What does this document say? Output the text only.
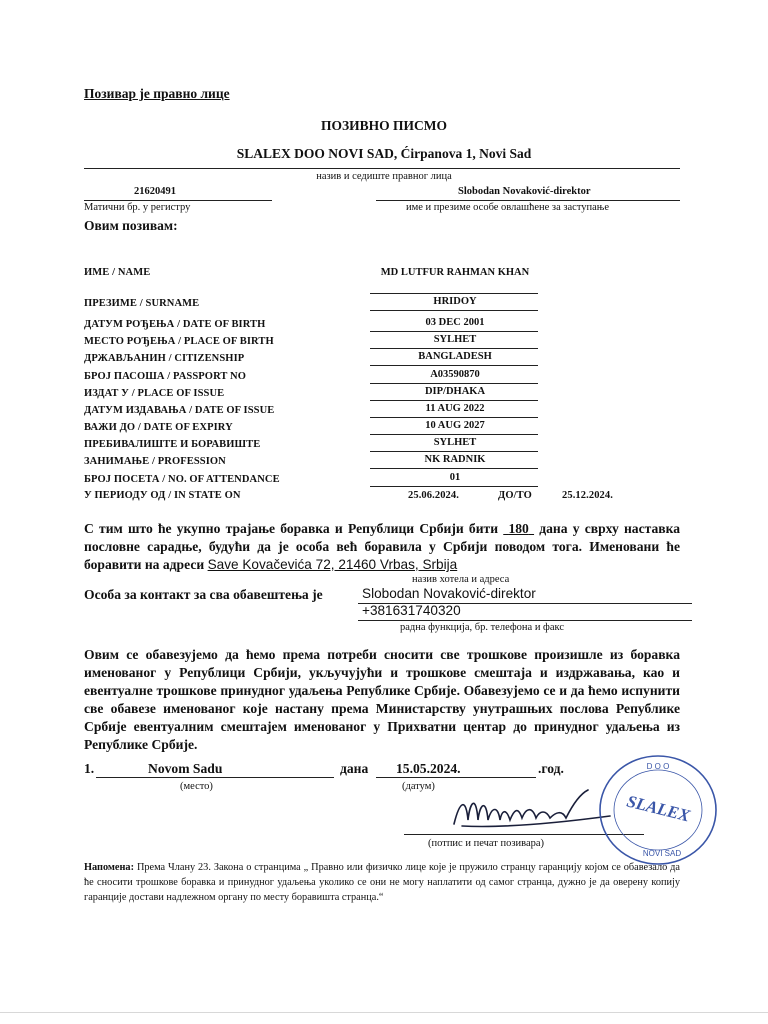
Позивар је правно лице
ПОЗИВНО ПИСМО
SLALEX DOO NOVI SAD, Ćirpanova 1, Novi Sad
назив и седиште правног лица
21620491
Матични бр. у регистру
Slobodan Novaković-direktor
име и презиме особе овлашћене за заступање
Овим позивам:
ИМЕ / NAME	MD LUTFUR RAHMAN KHAN
ПРЕЗИМЕ / SURNAME	HRIDOY
ДАТУМ РОЂЕЊА / DATE OF BIRTH	03 DEC 2001
МЕСТО РОЂЕЊА / PLACE OF BIRTH	SYLHET
ДРЖАВЉАНИН / CITIZENSHIP	BANGLADESH
БРОЈ ПАСОША / PASSPORT NO	A03590870
ИЗДАТ У / PLACE OF ISSUE	DIP/DHAKA
ДАТУМ ИЗДАВАЊА / DATE OF ISSUE	11 AUG 2022
ВАЖИ ДО / DATE OF EXPIRY	10 AUG 2027
ПРЕБИВАЛИШТЕ И БОРАВИШТЕ	SYLHET
ЗАНИМАЊЕ / PROFESSION	NK RADNIK
БРОЈ ПОСЕТА / NO. OF ATTENDANCE	01
У ПЕРИОДУ ОД / IN STATE ON	25.06.2024.	ДО/ТО	25.12.2024.
С тим што ће укупно трајање боравка и Републици Србији бити 180 дана у сврху наставка пословне сарадње, будући да је особа већ боравила у Србији поводом тога. Именовани ће боравити на адреси Save Kovačevića 72, 21460 Vrbas, Srbija
назив хотела и адреса
Особа за контакт за сва обавештења је	Slobodan Novaković-direktor
+381631740320
радна функција, бр. телефона и факс
Овим се обавезујемо да ћемо према потреби сносити све трошкове произишле из боравка именованог у Републици Србији, укључујући и трошкове смештаја и издржавања, као и евентуалне трошкове принудног удаљења Републике Србије. Обавезујемо се и да ћемо испунити све обавезе именованог које настану према Министарству унутрашњих послова Републике Србије евентуалним смештајем именованог у Прихватни центар до принудног удаљења из Републике Србије.
1.	Novom Sadu
(место)
дана 15.05.2024.	.год.
(датум)
(потпис и печат позивара)
D O O
SLALEX
NOVI SAD
Напомена: Према Члану 23. Закона о странцима „ Правно или физичко лице које је пружило странцу гаранцију којом се обавезало да ће сносити трошкове боравка и принудног удаљења уколико се они не могу наплатити од самог странца, дужно је да оверену копију гаранције достави надлежном органу по месту боравишта странца.“
